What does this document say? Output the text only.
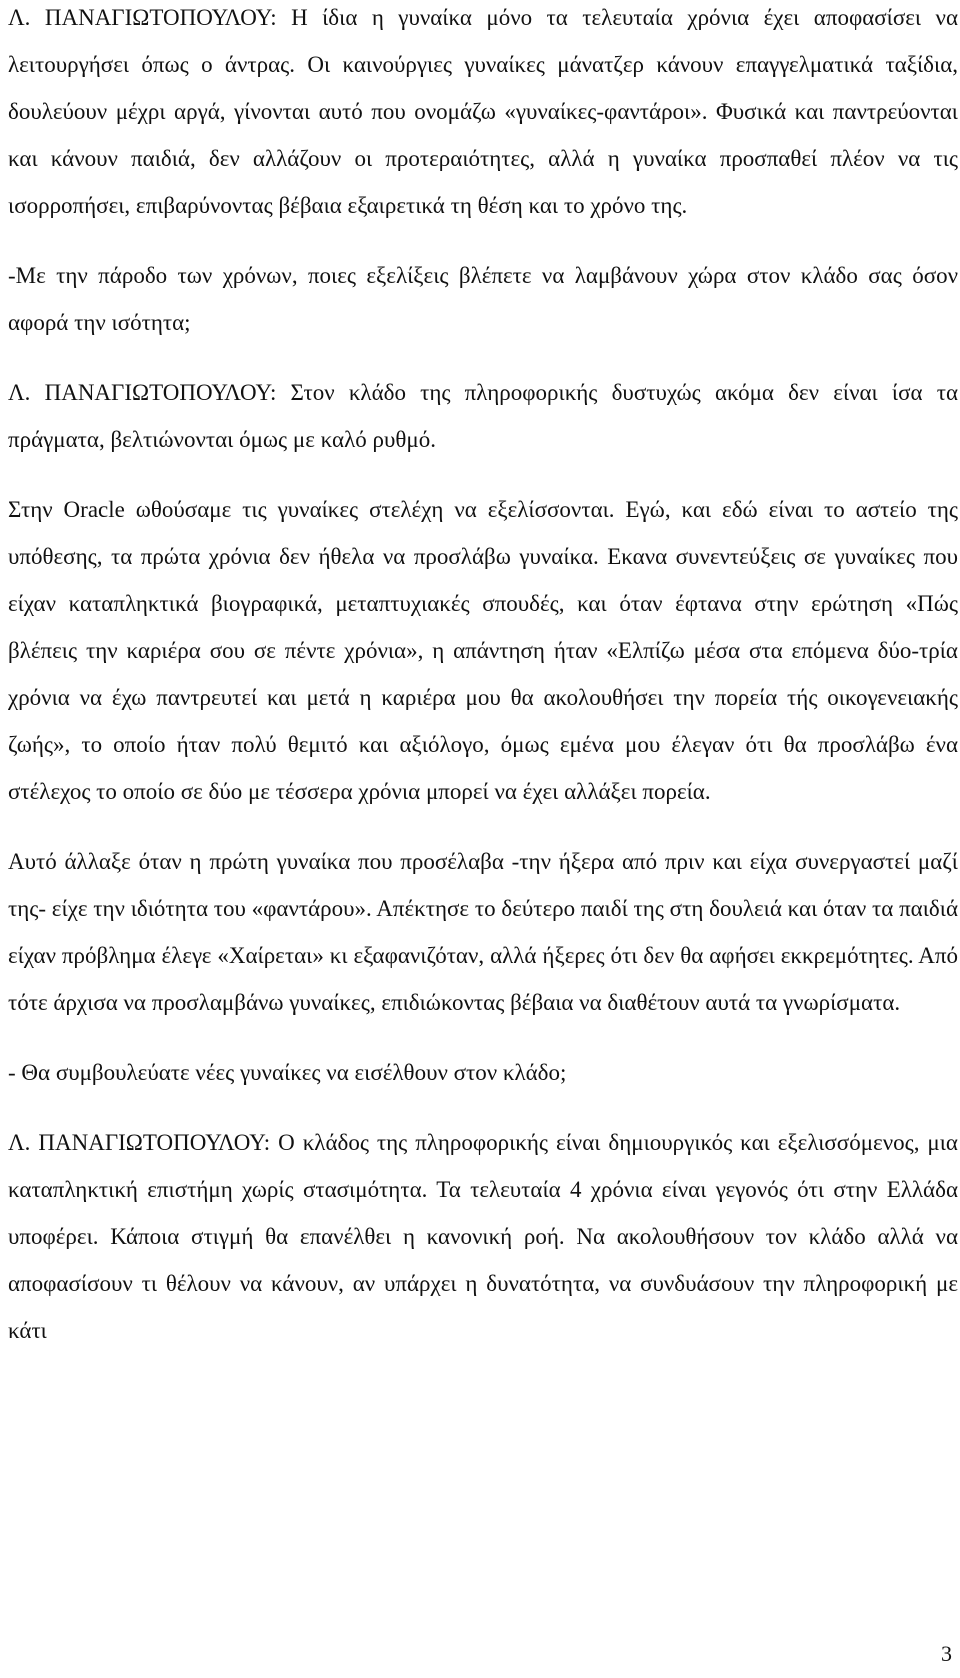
Λ. ΠΑΝΑΓΙΩΤΟΠΟΥΛΟΥ: Η ίδια η γυναίκα μόνο τα τελευταία χρόνια έχει αποφασίσει να λειτουργήσει όπως ο άντρας. Οι καινούργιες γυναίκες μάνατζερ κάνουν επαγγελματικά ταξίδια, δουλεύουν μέχρι αργά, γίνονται αυτό που ονομάζω «γυναίκες-φαντάροι». Φυσικά και παντρεύονται και κάνουν παιδιά, δεν αλλάζουν οι προτεραιότητες, αλλά η γυναίκα προσπαθεί πλέον να τις ισορροπήσει, επιβαρύνοντας βέβαια εξαιρετικά τη θέση και το χρόνο της.

-Με την πάροδο των χρόνων, ποιες εξελίξεις βλέπετε να λαμβάνουν χώρα στον κλάδο σας όσον αφορά την ισότητα;

Λ. ΠΑΝΑΓΙΩΤΟΠΟΥΛΟΥ: Στον κλάδο της πληροφορικής δυστυχώς ακόμα δεν είναι ίσα τα πράγματα, βελτιώνονται όμως με καλό ρυθμό.

Στην Oracle ωθούσαμε τις γυναίκες στελέχη να εξελίσσονται. Εγώ, και εδώ είναι το αστείο της υπόθεσης, τα πρώτα χρόνια δεν ήθελα να προσλάβω γυναίκα. Εκανα συνεντεύξεις σε γυναίκες που είχαν καταπληκτικά βιογραφικά, μεταπτυχιακές σπουδές, και όταν έφτανα στην ερώτηση «Πώς βλέπεις την καριέρα σου σε πέντε χρόνια», η απάντηση ήταν «Ελπίζω μέσα στα επόμενα δύο-τρία χρόνια να έχω παντρευτεί και μετά η καριέρα μου θα ακολουθήσει την πορεία τής οικογενειακής ζωής», το οποίο ήταν πολύ θεμιτό και αξιόλογο, όμως εμένα μου έλεγαν ότι θα προσλάβω ένα στέλεχος το οποίο σε δύο με τέσσερα χρόνια μπορεί να έχει αλλάξει πορεία.

Αυτό άλλαξε όταν η πρώτη γυναίκα που προσέλαβα -την ήξερα από πριν και είχα συνεργαστεί μαζί της- είχε την ιδιότητα του «φαντάρου». Απέκτησε το δεύτερο παιδί της στη δουλειά και όταν τα παιδιά είχαν πρόβλημα έλεγε «Χαίρεται» κι εξαφανιζόταν, αλλά ήξερες ότι δεν θα αφήσει εκκρεμότητες. Από τότε άρχισα να προσλαμβάνω γυναίκες, επιδιώκοντας βέβαια να διαθέτουν αυτά τα γνωρίσματα.

- Θα συμβουλεύατε νέες γυναίκες να εισέλθουν στον κλάδο;

Λ. ΠΑΝΑΓΙΩΤΟΠΟΥΛΟΥ: Ο κλάδος της πληροφορικής είναι δημιουργικός και εξελισσόμενος, μια καταπληκτική επιστήμη χωρίς στασιμότητα. Τα τελευταία 4 χρόνια είναι γεγονός ότι στην Ελλάδα υποφέρει. Κάποια στιγμή θα επανέλθει η κανονική ροή. Να ακολουθήσουν τον κλάδο αλλά να αποφασίσουν τι θέλουν να κάνουν, αν υπάρχει η δυνατότητα, να συνδυάσουν την πληροφορική με κάτι

3
